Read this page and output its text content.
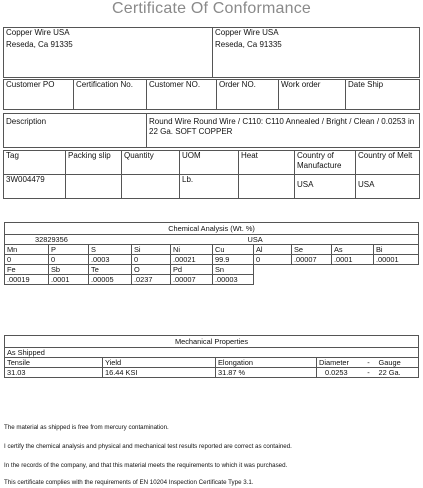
Certificate Of Conformance
Copper Wire USA	Copper Wire USA
Reseda, Ca 91335	Reseda, Ca 91335
Customer PO	Certification No.	Customer NO.	Order NO.	Work order	Date Ship
Description	Round Wire Round Wire / C110: C110 Annealed / Bright / Clean / 0.0253 in 22 Ga. SOFT COPPER
Tag	Packing slip	Quantity	UOM	Heat	Country of Manufacture	Country of Melt
3W004479			Lb.		USA	USA
Chemical Analysis (Wt. %)									
32829356					USA				
Mn	P	S	Si	Ni	Cu	Al	Se	As	Bi
0	0	.0003	0	.00021	99.9	0	.00007	.0001	.00001
Fe	Sb	Te	O	Pd	Sn				
.00019	.0001	.00005	.0237	.00007	.00003				
Mechanical Properties					
As Shipped					
Tensile	Yield	Elongation	Diameter	-	Gauge
31.03	16.44 KSI	31.87 %	0.0253	-	22 Ga.
The material as shipped is free from mercury contamination.
I certify the chemical analysis and physical and mechanical test results reported are correct as contained.
In the records of the company, and that this material meets the requirements to which it was purchased.
This certificate complies with the requirements of EN 10204 Inspection Certificate Type 3.1.
